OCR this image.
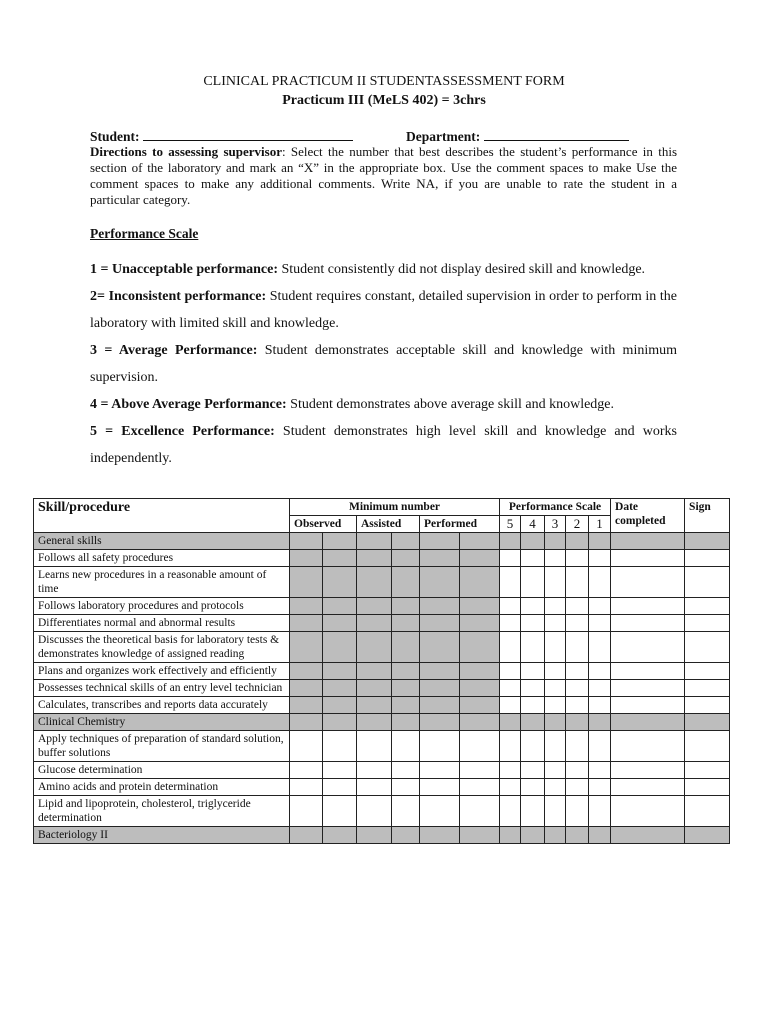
CLINICAL PRACTICUM II STUDENTASSESSMENT FORM
Practicum III (MeLS 402) = 3chrs
Student:	Department:
Directions to assessing supervisor: Select the number that best describes the student’s performance in this section of the laboratory and mark an “X” in the appropriate box. Use the comment spaces to make Use the comment spaces to make any additional comments. Write NA, if you are unable to rate the student in a particular category.
Performance Scale

1 = Unacceptable performance: Student consistently did not display desired skill and knowledge.

2= Inconsistent performance: Student requires constant, detailed supervision in order to perform in the laboratory with limited skill and knowledge.

3 = Average Performance: Student demonstrates acceptable skill and knowledge with minimum supervision.

4 = Above Average Performance: Student demonstrates above average skill and knowledge.

5 = Excellence Performance: Student demonstrates high level skill and knowledge and works independently.

Skill/procedure	Minimum number						Performance Scale					Date completed	Sign
	Observed		Assisted		Performed		5	4	3	2	1		
General skills													
Follows all safety procedures													
Learns new procedures in a reasonable amount of time													
Follows laboratory procedures and protocols													
Differentiates normal and abnormal results													
Discusses the theoretical basis for laboratory tests & demonstrates knowledge of assigned reading													
Plans and organizes work effectively and efficiently													
Possesses technical skills of an entry level technician													
Calculates, transcribes and reports data accurately													
Clinical Chemistry													
Apply techniques of preparation of standard solution, buffer solutions													
Glucose determination													
Amino acids and protein determination													
Lipid and lipoprotein, cholesterol, triglyceride determination													
Bacteriology II													
